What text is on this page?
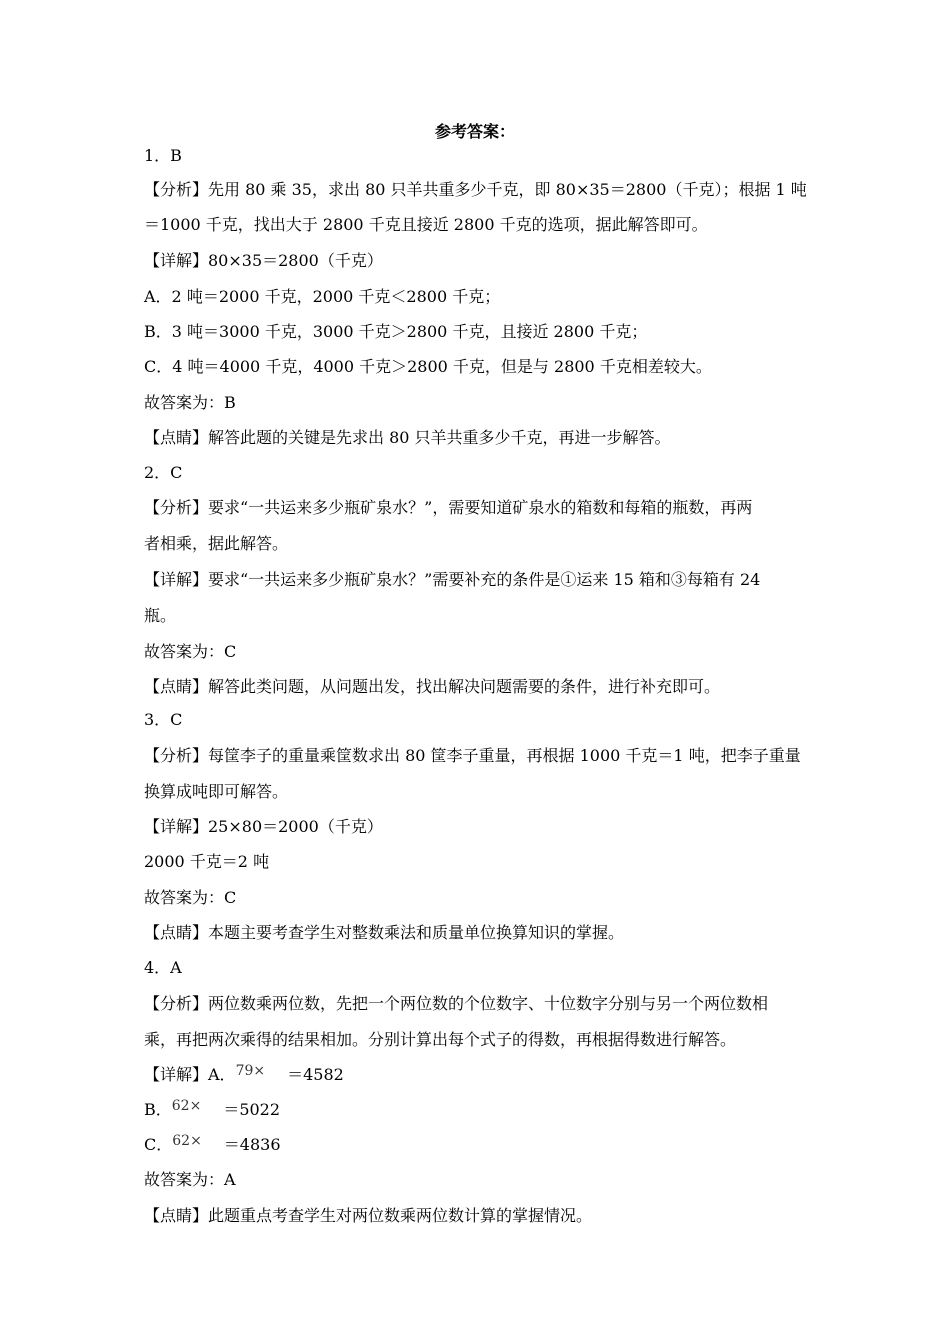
参考答案：
1．B
【分析】先用 80 乘 35，求出 80 只羊共重多少千克，即 80×35＝2800（千克）；根据 1 吨
＝1000 千克，找出大于 2800 千克且接近 2800 千克的选项，据此解答即可。
【详解】80×35＝2800（千克）
A．2 吨＝2000 千克，2000 千克＜2800 千克；
B．3 吨＝3000 千克，3000 千克＞2800 千克，且接近 2800 千克；
C．4 吨＝4000 千克，4000 千克＞2800 千克，但是与 2800 千克相差较大。
故答案为：B
【点睛】解答此题的关键是先求出 80 只羊共重多少千克，再进一步解答。
2．C
【分析】要求“一共运来多少瓶矿泉水？”，需要知道矿泉水的箱数和每箱的瓶数，再两
者相乘，据此解答。
【详解】要求“一共运来多少瓶矿泉水？”需要补充的条件是①运来 15 箱和③每箱有 24
瓶。
故答案为：C
【点睛】解答此类问题，从问题出发，找出解决问题需要的条件，进行补充即可。
3．C
【分析】每筐李子的重量乘筐数求出 80 筐李子重量，再根据 1000 千克＝1 吨，把李子重量
换算成吨即可解答。
【详解】25×80＝2000（千克）
2000 千克＝2 吨
故答案为：C
【点睛】本题主要考查学生对整数乘法和质量单位换算知识的掌握。
4．A
【分析】两位数乘两位数，先把一个两位数的个位数字、十位数字分别与另一个两位数相
乘，再把两次乘得的结果相加。分别计算出每个式子的得数，再根据得数进行解答。
【详解】A．79× ＝4582
B．62× ＝5022
C．62× ＝4836
故答案为：A
【点睛】此题重点考查学生对两位数乘两位数计算的掌握情况。
